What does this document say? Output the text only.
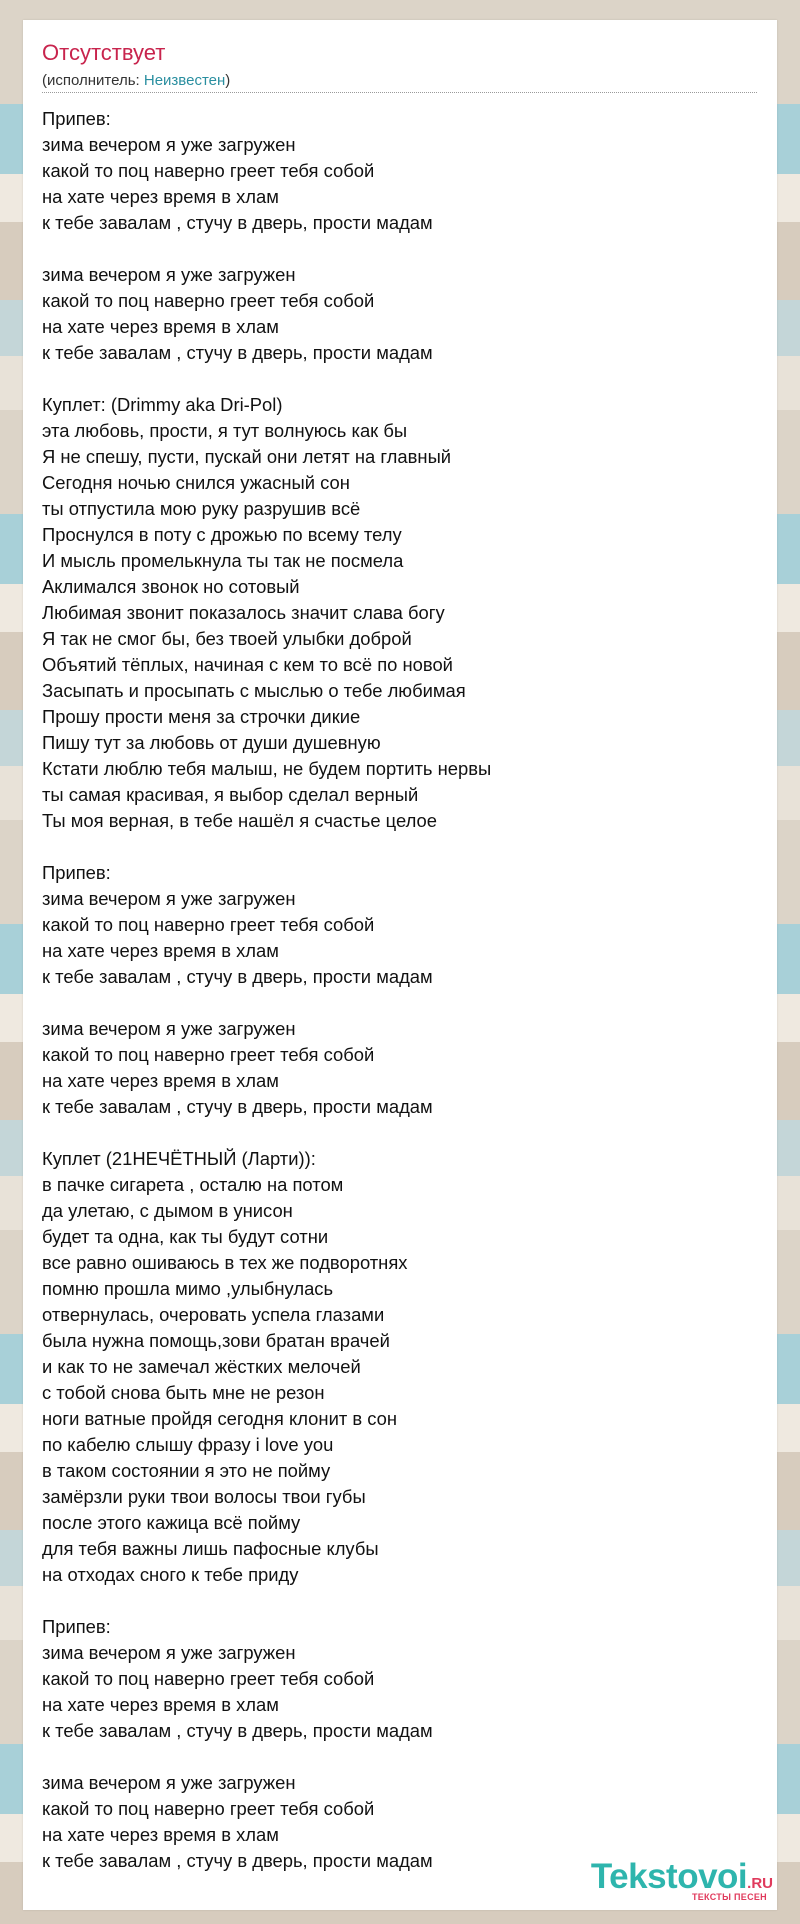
Отсутствует
(исполнитель: Неизвестен)
Припев:
зима вечером я уже загружен
какой то поц наверно греет тебя собой
на хате через время в хлам
к тебе завалам , стучу в дверь, прости мадам

зима вечером я уже загружен
какой то поц наверно греет тебя собой
на хате через время в хлам
к тебе завалам , стучу в дверь, прости мадам

Куплет: (Drimmy aka Dri-Pol)
эта любовь, прости, я тут волнуюсь как бы
Я не спешу, пусти, пускай они летят на главный
Сегодня ночью снился ужасный сон
ты отпустила мою руку разрушив всё
Проснулся в поту с дрожью по всему телу
И мысль промелькнула ты так не посмела
Аклимался звонок но сотовый
Любимая звонит показалось значит слава богу
Я так не смог бы, без твоей улыбки доброй
Объятий тёплых, начиная с кем то всё по новой
Засыпать и просыпать с мыслью о тебе любимая
Прошу прости меня за строчки дикие
Пишу тут за любовь от души душевную
Кстати люблю тебя малыш, не будем портить нервы
ты самая красивая, я выбор сделал верный
Ты моя верная, в тебе нашёл я счастье целое

Припев:
зима вечером я уже загружен
какой то поц наверно греет тебя собой
на хате через время в хлам
к тебе завалам , стучу в дверь, прости мадам

зима вечером я уже загружен
какой то поц наверно греет тебя собой
на хате через время в хлам
к тебе завалам , стучу в дверь, прости мадам

Куплет (21НЕЧЁТНЫЙ (Ларти)):
в пачке сигарета , осталю на потом
да улетаю, с дымом в унисон
будет та одна, как ты будут сотни
все равно ошиваюсь в тех же подворотнях
помню прошла мимо ,улыбнулась
отвернулась, очеровать успела глазами
была нужна помощь,зови братан врачей
и как то не замечал жёстких мелочей
с тобой снова быть мне не резон
ноги ватные пройдя сегодня клонит в сон
по кабелю слышу фразу i love you
в таком состоянии я это не пойму
замёрзли руки твои волосы твои губы
после этого кажица всё пойму
для тебя важны лишь пафосные клубы
на отходах сного к тебе приду

Припев:
зима вечером я уже загружен
какой то поц наверно греет тебя собой
на хате через время в хлам
к тебе завалам , стучу в дверь, прости мадам

зима вечером я уже загружен
какой то поц наверно греет тебя собой
на хате через время в хлам
к тебе завалам , стучу в дверь, прости мадам	Tekstovoi.RU
ТЕКСТЫ ПЕСЕН
